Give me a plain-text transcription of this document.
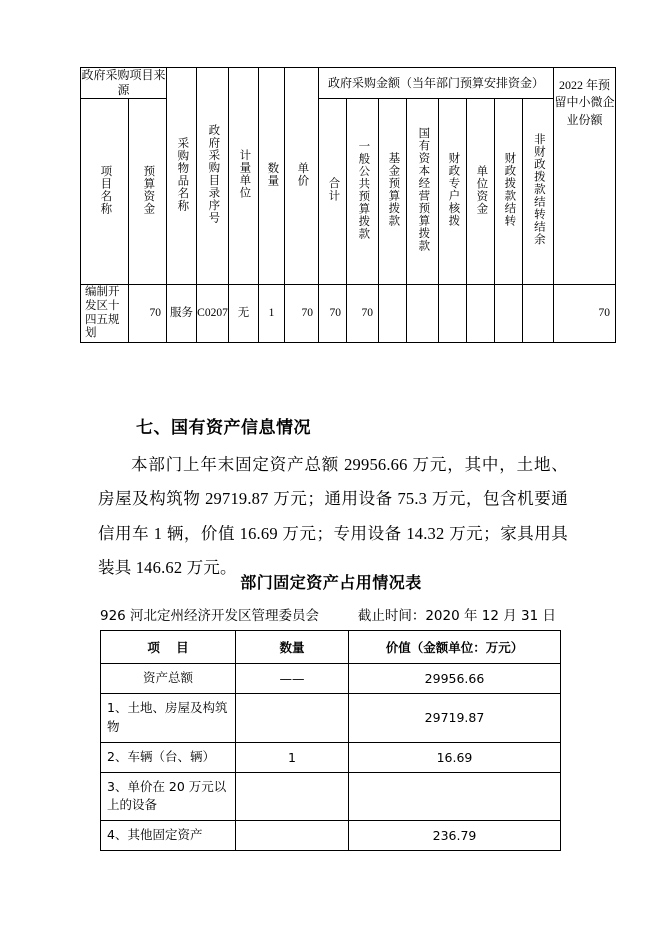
政府采购项目来源		采购物品名称	政府采购目录序号	计量单位	数量	单价	政府采购金额（当年部门预算安排资金）								2022 年预留中小微企业份额
项目名称	预算资金						合计	一般公共预算拨款	基金预算拨款	国有资本经营预算拨款	财政专户核拨	单位资金	财政拨款结转	非财政拨款结转结余	
编制开发区十四五规划	70	服务	C0207	无	1	70	70	70							70
七、国有资产信息情况
本部门上年末固定资产总额 29956.66 万元，其中，土地、房屋及构筑物 29719.87 万元；通用设备 75.3 万元，包含机要通信用车 1 辆，价值 16.69 万元；专用设备 14.32 万元；家具用具装具 146.62 万元。
部门固定资产占用情况表
926 河北定州经济开发区管理委员会	截止时间：2020 年 12 月 31 日
项 目	数量	价值（金额单位：万元）
资产总额	——	29956.66
1、土地、房屋及构筑物		29719.87
2、车辆（台、辆）	1	16.69
3、单价在 20 万元以上的设备		
4、其他固定资产		236.79
